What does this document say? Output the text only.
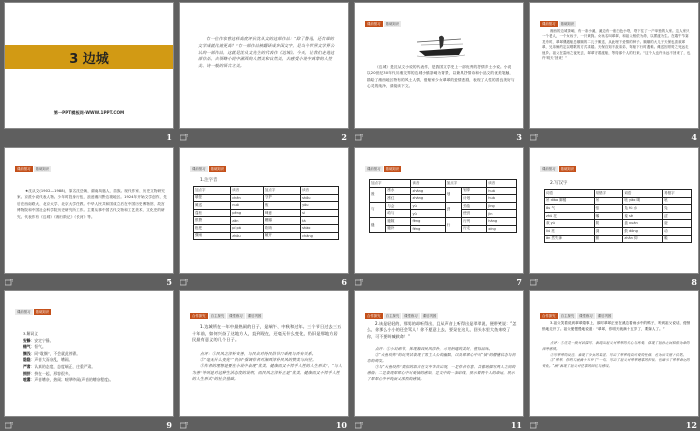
3 边城
第一PPT模板网-WWW.1PPT.COM
1
有一位作家曾这样高度评价沈从文的这部作品：“除了鲁迅，还有谁的文学成就比他更高？”有一部作品被翻译成多国文字，是当今世界文学界公认的一部作品，这就是沈从文先生的代表作《边城》。今天，让我们走进这部作品，去领略小说中湘西的人情美和自然美，去感受小说中真挚的人性美、诗一般的语言之美。
2
课前预习	基础知识
《边城》是沈从文小说的代表作，是我国文学史上一部优秀的抒情乡土小说。小说以20世纪30年代川湘交界的边城小镇茶峒为背景，以兼具抒情诗和小品文的优美笔触，描绘了湘西地区特有的风土人情，借船家少女翠翠的爱情悲剧，表现了人性的善良美好与心灵的纯净，请阅读下文。
3
课前预习	基础知识
湘西的边城茶峒，有一条小溪，溪边有一座白色小塔，塔下住了一户单独的人家。这人家只一个老人，一个女孩子，一只黄狗。女孩名叫翠翠，和祖父相依为命，以摆渡为生。在端午节赛龙舟时，翠翠偶遇船总顺顺的二儿子傩送，从此埋下爱情的种子。顺顺的大儿子天保也喜欢翠翠，兄弟俩约定以唱歌的方式求婚。天保自知不敌弟弟，驾船下行时遇难。傩送因哥哥之死远走他乡。祖父在雷雨之夜死去，翠翠守着渡船，等待那个人的归来。“这个人也许永远不回来了，也许‘明天’回来！”
4
课前预习	基础知识
★沈从文(1902—1988)，原名沈岳焕，湖南凤凰人，苗族。现代作家、历史文物研究家。京派小说代表人物。少年时投身行伍，浪迹湘川黔边境地区。1924年开始文学创作，先后在西南联大、北京大学、北京大学任教。中华人民共和国成立后在中国历史博物馆、故宫博物院和中国社会科学院历史研究所工作。主要从事中国古代文物和工艺美术、文化史的研究。代表作有《边城》《湘行散记》《长河》等。
5
课前预习	基础知识
1.注字音
加点字	读音	加点字	读音
嗔怪	chēn	守护	shǒu
傩送	nuó	攸	yōu
蓬松	péng	肆意	sì
银簪	zān	糟蹋	tà
枇杷	pí pá	吹哨	shào
骤雨	zhòu	敞开	chǎng
6
课前预习	基础知识
加点字		读音	加点字		读音
涨	涨水	zhǎng	划	划拳	huá
	涨红	zhàng		计划	huà
与	与会	yù	劲	劲敌	jìng
	给与	yǔ		使劲	jìn
缝	缝隙	fèng	行	行列	háng
	缝补	féng		行走	xíng
7
课前预习	基础知识
2.写汉字
词语	易错字	词语	易错字
吊 diào 脚楼	吊	吆 yāo 喝	吆
ǒu 气	怄	凫 fú 水	凫
zhǔ 托	嘱	羞 sè	涩
欢 yú	娱	盘 xuán	旋
liú 亮	浏	鼓 dòng	动
ān 然失神	黯	zhān 仰	瞻
8
课前预习	基础知识
3.解词义
安静：安定宁静。
赌气：怄气。
搁浅：同“耽搁”，不会就此停滞。
隐隐：声音大而杂乱，嘈闹。
严肃：认真的态度，态度端正，庄重严肃。
拥挤：挤在一起，形容很多。
喧嚣：声音嘈杂，热闹；喧哗吵闹(声音的嘈杂程度)。
9
合作探究	自主探究	课堂练习	课后巩固
1.边城所在一年中最热闹的日子，是端午、中秋和过年。三个节日过去三五十年前，如何兴奋了这地方人，直到现在，还毫无什么变化，仍旧是那地方居民最有意义的几个日子。
点评：①民风之淳朴安善，与民众对待民俗节日重视与否有关系。
②“毫无什么变化”“仍旧”强调作者对湘西淳朴民风的赞美与向往。
③作者的理想是要在小说中表现“优美、健康而又不悖乎人性的人生形式”，“与人为善”等则是对这种生活态度的说明，而民风之淳朴正是“优美、健康而又不悖乎人性的人生形式”的社会基础。
10
合作探究	自主探究	课堂练习	课后巩固
2.该是轻轻的，那男的却听得出，且从声音上听得出是翠翠说，便带笑说：“怎么，你那么小小的还会骂人！你不愿意上去，要呆在这儿，回头水里大鱼来咬了你，可不要叫喊救命！”
点评：①小说细节，体现湘西民风淳朴，可见相遇的美好，值得品味。
②“大鱼咬你”的玩笑话表现了男主人公的幽默，以及翠翠心中对“情”的懵懂状态与初恋的萌发。
③与“大鱼咬你”类似的语言在文中多次出现，一是作者有意、含蓄地描写两人之间的感情；二是表现翠翠心中对爱情的感知，是文中的一条暗线，预示着两个人的命运，展示了翠翠心中单纯而又浓烈的感情。
11
合作探究	自主探究	课堂练习	课后巩固
3.祖父笑着说到翠翠婚事上，那时翠翠正坐在溪边看雨水中的鸭子，听到祖父说话，便悄悄地走开了。祖父便慢慢地说道：“翠翠，你明天就满十五岁了，要嫁人了。”
点评：①这是一段对话描写，表现出祖父对翠翠的关心与疼爱，体现了祖孙之间相依为命的深厚感情。
②写翠翠的反应，表现了少女的羞涩，写出了翠翠纯真可爱的性格，也为后文埋下伏笔。
③“翠翠，你明天就满十五岁了”一句，写出了祖父对翠翠婚事的担忧，也暗示了翠翠命运的变化。“满”表现了祖父对往事的回忆与感叹。
12
